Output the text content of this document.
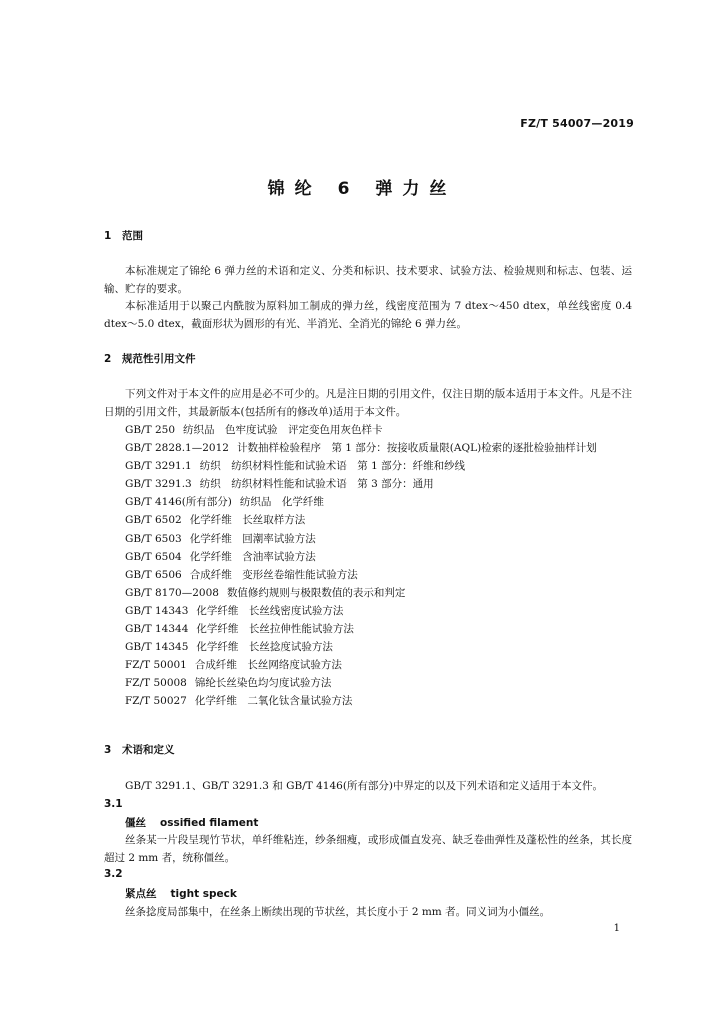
FZ/T 54007—2019
锦纶 6 弹力丝
1 范围
本标准规定了锦纶 6 弹力丝的术语和定义、分类和标识、技术要求、试验方法、检验规则和标志、包装、运输、贮存的要求。
本标准适用于以聚己内酰胺为原料加工制成的弹力丝，线密度范围为 7 dtex～450 dtex，单丝线密度 0.4 dtex～5.0 dtex，截面形状为圆形的有光、半消光、全消光的锦纶 6 弹力丝。
2 规范性引用文件
下列文件对于本文件的应用是必不可少的。凡是注日期的引用文件，仅注日期的版本适用于本文件。凡是不注日期的引用文件，其最新版本(包括所有的修改单)适用于本文件。
GB/T 250 纺织品　色牢度试验　评定变色用灰色样卡
GB/T 2828.1—2012 计数抽样检验程序　第 1 部分：按接收质量限(AQL)检索的逐批检验抽样计划
GB/T 3291.1 纺织　纺织材料性能和试验术语　第 1 部分：纤维和纱线
GB/T 3291.3 纺织　纺织材料性能和试验术语　第 3 部分：通用
GB/T 4146(所有部分) 纺织品　化学纤维
GB/T 6502 化学纤维　长丝取样方法
GB/T 6503 化学纤维　回潮率试验方法
GB/T 6504 化学纤维　含油率试验方法
GB/T 6506 合成纤维　变形丝卷缩性能试验方法
GB/T 8170—2008 数值修约规则与极限数值的表示和判定
GB/T 14343 化学纤维　长丝线密度试验方法
GB/T 14344 化学纤维　长丝拉伸性能试验方法
GB/T 14345 化学纤维　长丝捻度试验方法
FZ/T 50001 合成纤维　长丝网络度试验方法
FZ/T 50008 锦纶长丝染色均匀度试验方法
FZ/T 50027 化学纤维　二氧化钛含量试验方法
3 术语和定义
GB/T 3291.1、GB/T 3291.3 和 GB/T 4146(所有部分)中界定的以及下列术语和定义适用于本文件。
3.1
僵丝 ossified filament
丝条某一片段呈现竹节状，单纤维粘连，纱条细瘦，或形成僵直发亮、缺乏卷曲弹性及蓬松性的丝条，其长度超过 2 mm 者，统称僵丝。
3.2
紧点丝 tight speck
丝条捻度局部集中，在丝条上断续出现的节状丝，其长度小于 2 mm 者。同义词为小僵丝。
1
